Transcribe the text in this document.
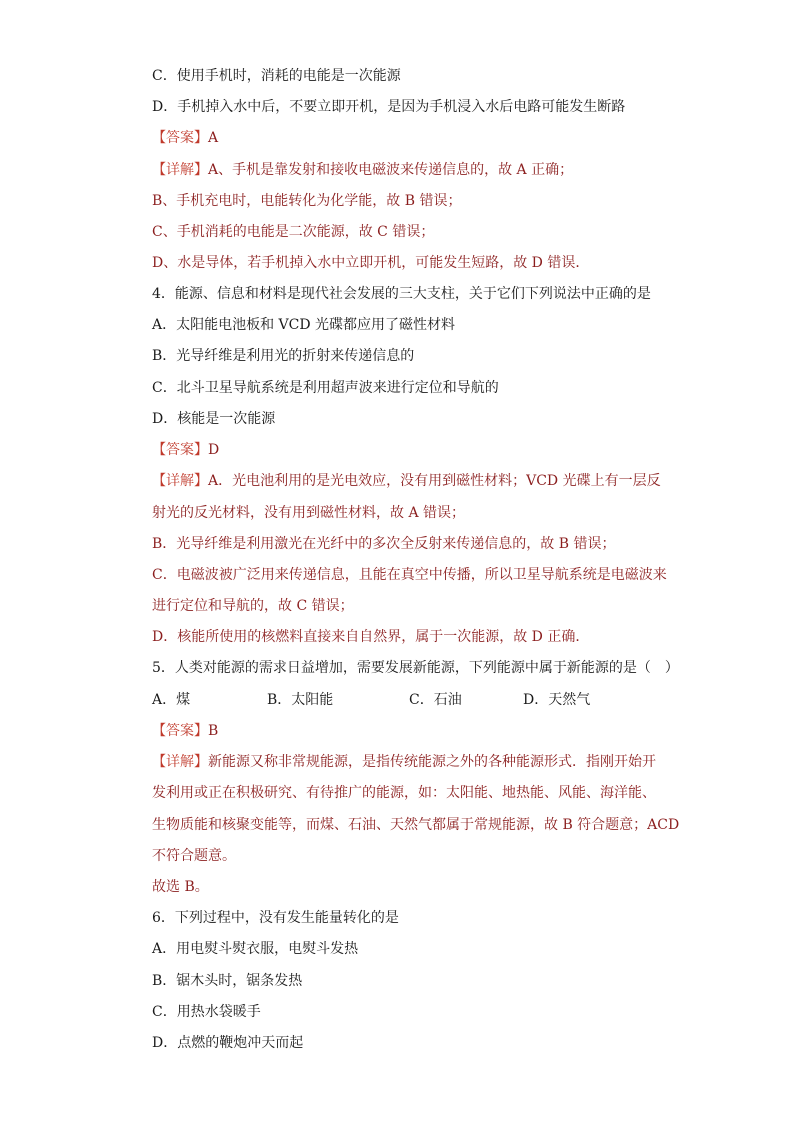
C．使用手机时，消耗的电能是一次能源
D．手机掉入水中后，不要立即开机，是因为手机浸入水后电路可能发生断路
【答案】A
【详解】A、手机是靠发射和接收电磁波来传递信息的，故 A 正确；
B、手机充电时，电能转化为化学能，故 B 错误；
C、手机消耗的电能是二次能源，故 C 错误；
D、水是导体，若手机掉入水中立即开机，可能发生短路，故 D 错误．
4．能源、信息和材料是现代社会发展的三大支柱，关于它们下列说法中正确的是
A．太阳能电池板和 VCD 光碟都应用了磁性材料
B．光导纤维是利用光的折射来传递信息的
C．北斗卫星导航系统是利用超声波来进行定位和导航的
D．核能是一次能源
【答案】D
【详解】A．光电池利用的是光电效应，没有用到磁性材料；VCD 光碟上有一层反
射光的反光材料，没有用到磁性材料，故 A 错误；
B．光导纤维是利用激光在光纤中的多次全反射来传递信息的，故 B 错误；
C．电磁波被广泛用来传递信息，且能在真空中传播，所以卫星导航系统是电磁波来
进行定位和导航的，故 C 错误；
D．核能所使用的核燃料直接来自自然界，属于一次能源，故 D 正确．
5．人类对能源的需求日益增加，需要发展新能源，下列能源中属于新能源的是（　）
A．煤	B．太阳能	C．石油	D．天然气
【答案】B
【详解】新能源又称非常规能源，是指传统能源之外的各种能源形式．指刚开始开
发利用或正在积极研究、有待推广的能源，如：太阳能、地热能、风能、海洋能、
生物质能和核聚变能等，而煤、石油、天然气都属于常规能源，故 B 符合题意；ACD
不符合题意。
故选 B。
6．下列过程中，没有发生能量转化的是
A．用电熨斗熨衣服，电熨斗发热
B．锯木头时，锯条发热
C．用热水袋暖手
D．点燃的鞭炮冲天而起
